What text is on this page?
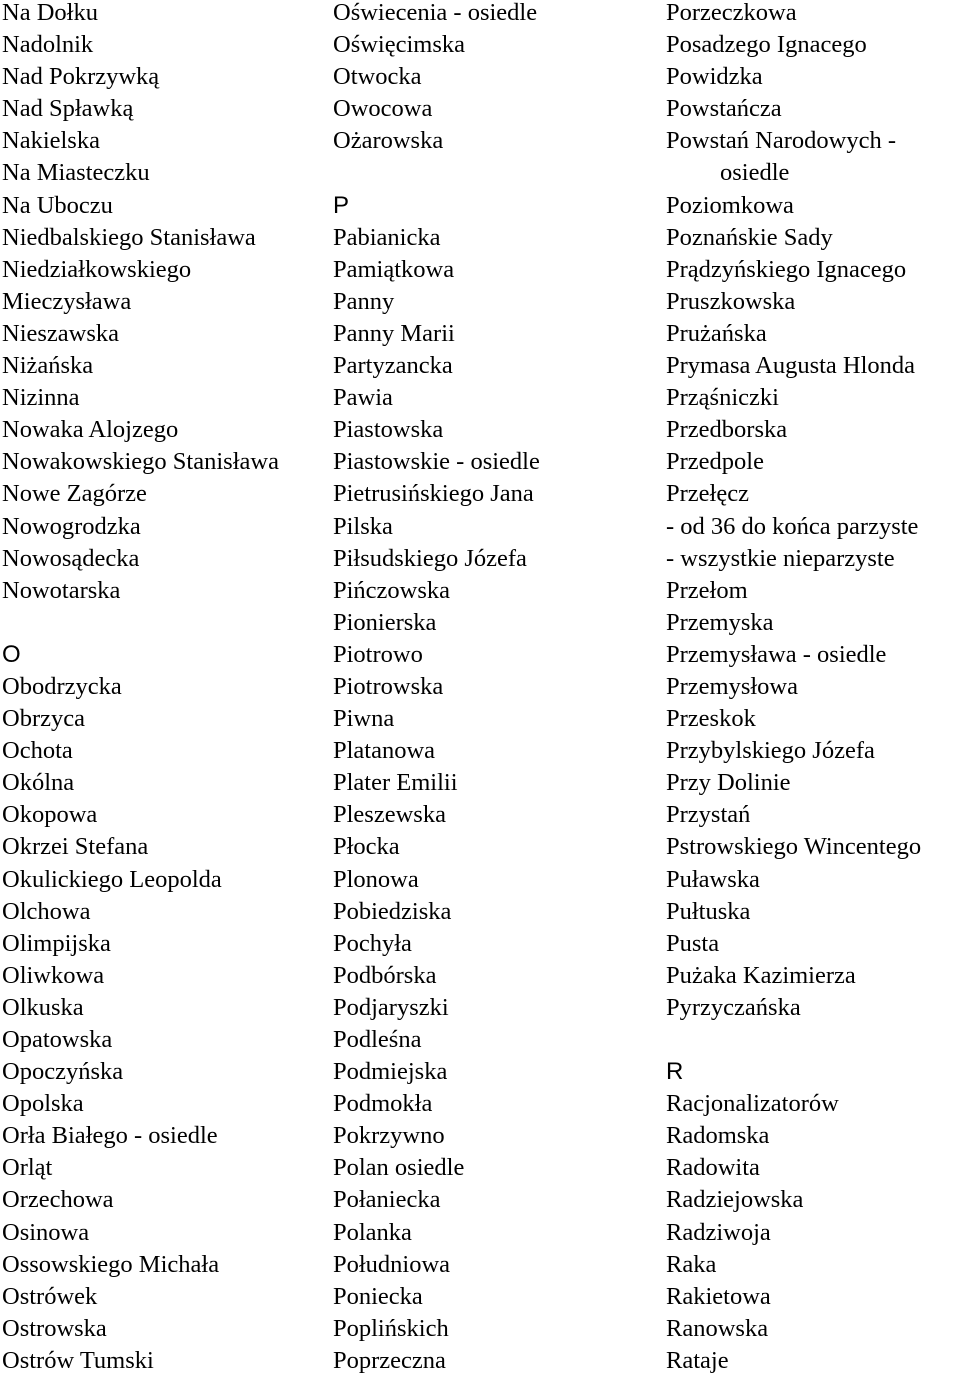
Na Dołku
Nadolnik
Nad Pokrzywką
Nad Spławką
Nakielska
Na Miasteczku
Na Uboczu
Niedbalskiego Stanisława
Niedziałkowskiego
Mieczysława
Nieszawska
Niżańska
Nizinna
Nowaka Alojzego
Nowakowskiego Stanisława
Nowe Zagórze
Nowogrodzka
Nowosądecka
Nowotarska
O
Obodrzycka
Obrzyca
Ochota
Okólna
Okopowa
Okrzei Stefana
Okulickiego Leopolda
Olchowa
Olimpijska
Oliwkowa
Olkuska
Opatowska
Opoczyńska
Opolska
Orła Białego - osiedle
Orląt
Orzechowa
Osinowa
Ossowskiego Michała
Ostrówek
Ostrowska
Ostrów Tumski
Oświecenia - osiedle
Oświęcimska
Otwocka
Owocowa
Ożarowska
P
Pabianicka
Pamiątkowa
Panny
Panny Marii
Partyzancka
Pawia
Piastowska
Piastowskie - osiedle
Pietrusińskiego Jana
Pilska
Piłsudskiego Józefa
Pińczowska
Pionierska
Piotrowo
Piotrowska
Piwna
Platanowa
Plater Emilii
Pleszewska
Płocka
Plonowa
Pobiedziska
Pochyła
Podbórska
Podjaryszki
Podleśna
Podmiejska
Podmokła
Pokrzywno
Polan osiedle
Połaniecka
Polanka
Południowa
Poniecka
Poplińskich
Poprzeczna
Porzeczkowa
Posadzego Ignacego
Powidzka
Powstańcza
Powstań Narodowych -
osiedle
Poziomkowa
Poznańskie Sady
Prądzyńskiego Ignacego
Pruszkowska
Prużańska
Prymasa Augusta Hlonda
Prząśniczki
Przedborska
Przedpole
Przełęcz
- od 36 do końca parzyste
- wszystkie nieparzyste
Przełom
Przemyska
Przemysława - osiedle
Przemysłowa
Przeskok
Przybylskiego Józefa
Przy Dolinie
Przystań
Pstrowskiego Wincentego
Puławska
Pułtuska
Pusta
Pużaka Kazimierza
Pyrzyczańska
R
Racjonalizatorów
Radomska
Radowita
Radziejowska
Radziwoja
Raka
Rakietowa
Ranowska
Rataje
